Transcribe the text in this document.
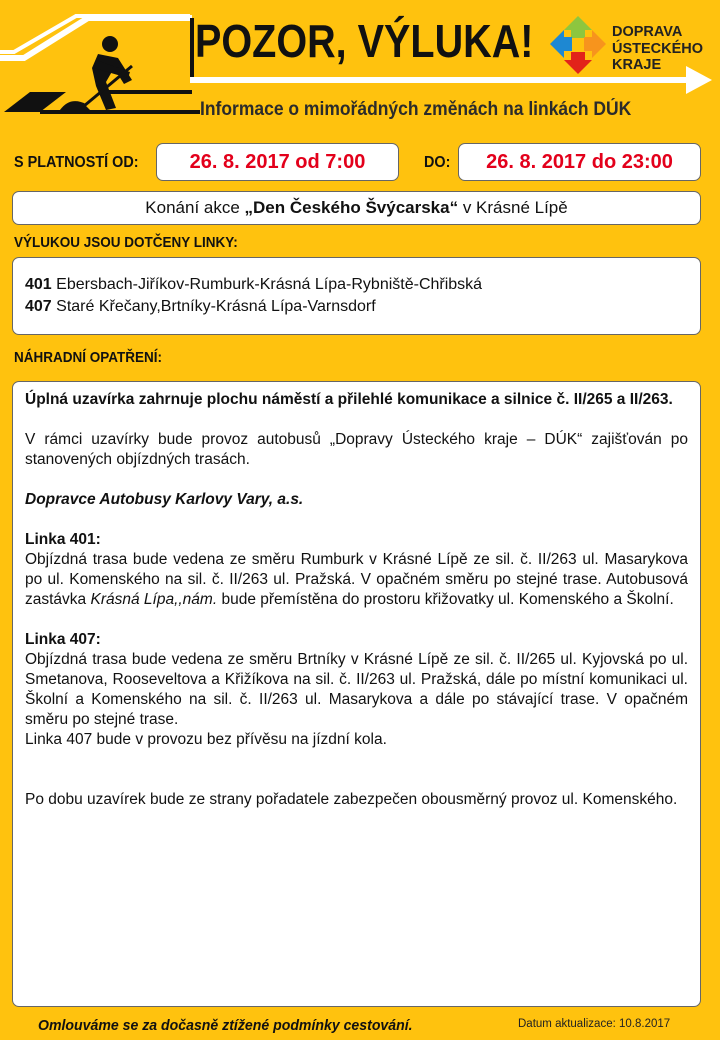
POZOR, VÝLUKA!	DOPRAVA
ÚSTECKÉHO
KRAJE
Informace o mimořádných změnách na linkách DÚK
S PLATNOSTÍ OD:	26. 8. 2017 od 7:00	DO:	26. 8. 2017 do 23:00
Konání akce „Den Českého Švýcarska“ v Krásné Lípě
VÝLUKOU JSOU DOTČENY LINKY:
401 Ebersbach-Jiříkov-Rumburk-Krásná Lípa-Rybniště-Chřibská
407 Staré Křečany,Brtníky-Krásná Lípa-Varnsdorf
NÁHRADNÍ OPATŘENÍ:

Úplná uzavírka zahrnuje plochu náměstí a přilehlé komunikace a silnice č. II/265 a II/263.

V rámci uzavírky bude provoz autobusů „Dopravy Ústeckého kraje – DÚK“ zajišťován po stanovených objízdných trasách.

Dopravce Autobusy Karlovy Vary, a.s.

Linka 401:

Objízdná trasa bude vedena ze směru Rumburk v Krásné Lípě ze sil. č. II/263 ul. Masarykova po ul. Komenského na sil. č. II/263 ul. Pražská. V opačném směru po stejné trase. Autobusová zastávka Krásná Lípa,,nám. bude přemístěna do prostoru křižovatky ul. Komenského a Školní.

Linka 407:

Objízdná trasa bude vedena ze směru Brtníky v Krásné Lípě ze sil. č. II/265 ul. Kyjovská po ul. Smetanova, Rooseveltova a Křižíkova na sil. č. II/263 ul. Pražská, dále po místní komunikaci ul. Školní a Komenského na sil. č. II/263 ul. Masarykova a dále po stávající trase. V opačném směru po stejné trase.

Linka 407 bude v provozu bez přívěsu na jízdní kola.

Po dobu uzavírek bude ze strany pořadatele zabezpečen obousměrný provoz ul. Komenského.

Omlouváme se za dočasně ztížené podmínky cestování.	Datum aktualizace: 10.8.2017
